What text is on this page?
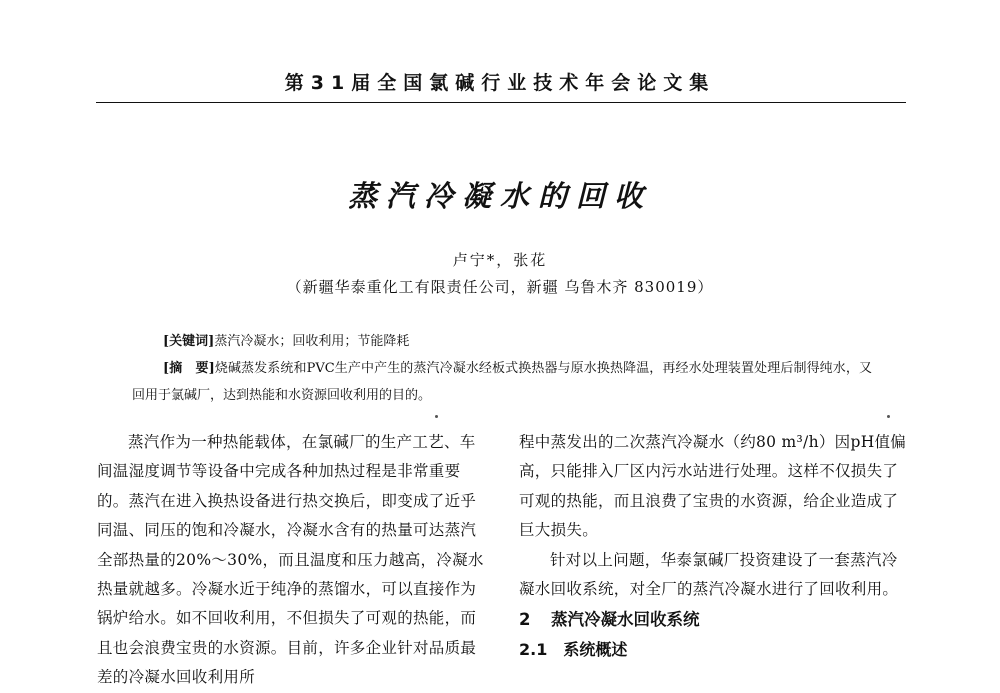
第31届全国氯碱行业技术年会论文集
蒸汽冷凝水的回收
卢宁*，张花
（新疆华泰重化工有限责任公司，新疆 乌鲁木齐 830019）
[关键词]蒸汽冷凝水；回收利用；节能降耗
[摘　要]烧碱蒸发系统和PVC生产中产生的蒸汽冷凝水经板式换热器与原水换热降温，再经水处理装置处理后制得纯水，又回用于氯碱厂，达到热能和水资源回收利用的目的。

蒸汽作为一种热能载体，在氯碱厂的生产工艺、车间温湿度调节等设备中完成各种加热过程是非常重要的。蒸汽在进入换热设备进行热交换后，即变成了近乎同温、同压的饱和冷凝水，冷凝水含有的热量可达蒸汽全部热量的20%～30%，而且温度和压力越高，冷凝水热量就越多。冷凝水近于纯净的蒸馏水，可以直接作为锅炉给水。如不回收利用，不但损失了可观的热能，而且也会浪费宝贵的水资源。目前，许多企业针对品质最差的冷凝水回收利用所

程中蒸发出的二次蒸汽冷凝水（约80 m³/h）因pH值偏高，只能排入厂区内污水站进行处理。这样不仅损失了可观的热能，而且浪费了宝贵的水资源，给企业造成了巨大损失。

针对以上问题，华泰氯碱厂投资建设了一套蒸汽冷凝水回收系统，对全厂的蒸汽冷凝水进行了回收利用。

2 蒸汽冷凝水回收系统
2.1　 系统概述
